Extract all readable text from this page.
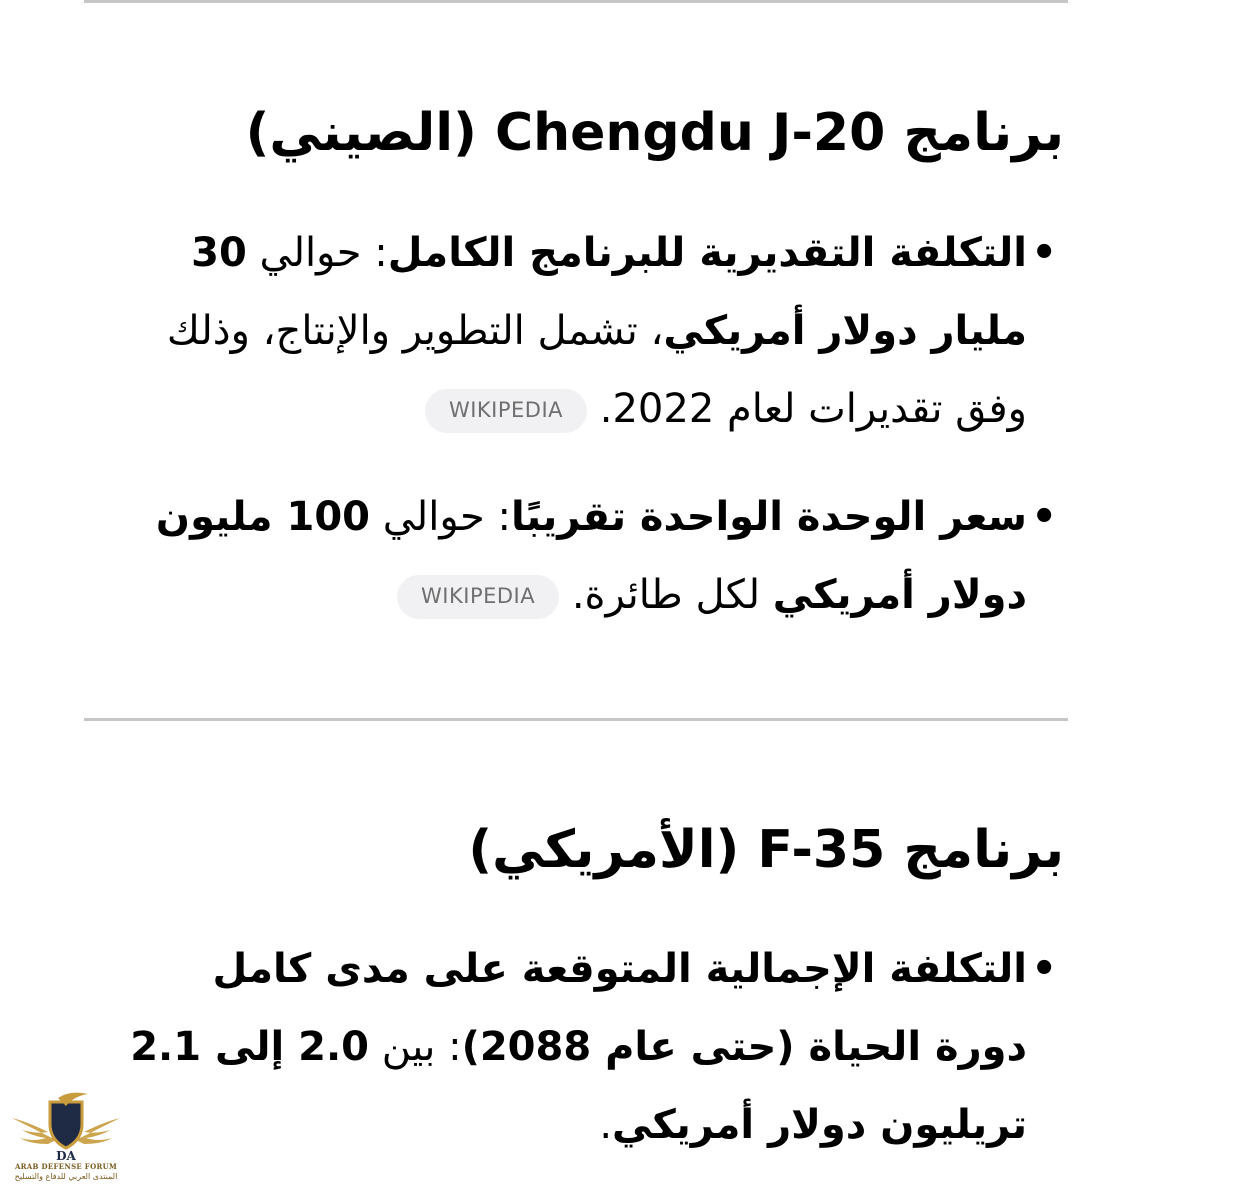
برنامج Chengdu J-20 (الصيني)
•
التكلفة التقديرية للبرنامج الكامل: حوالي 30 مليار دولار أمريكي، تشمل التطوير والإنتاج، وذلك وفق تقديرات لعام 2022. WIKIPEDIA
•
سعر الوحدة الواحدة تقريبًا: حوالي 100 مليون دولار أمريكي لكل طائرة. WIKIPEDIA
برنامج F-35 (الأمريكي)
•
التكلفة الإجمالية المتوقعة على مدى كامل دورة الحياة (حتى عام 2088): بين 2.0 إلى 2.1 تريليون دولار أمريكي.
DA
ARAB DEFENSE FORUM
المنتدى العربي للدفاع والتسليح
